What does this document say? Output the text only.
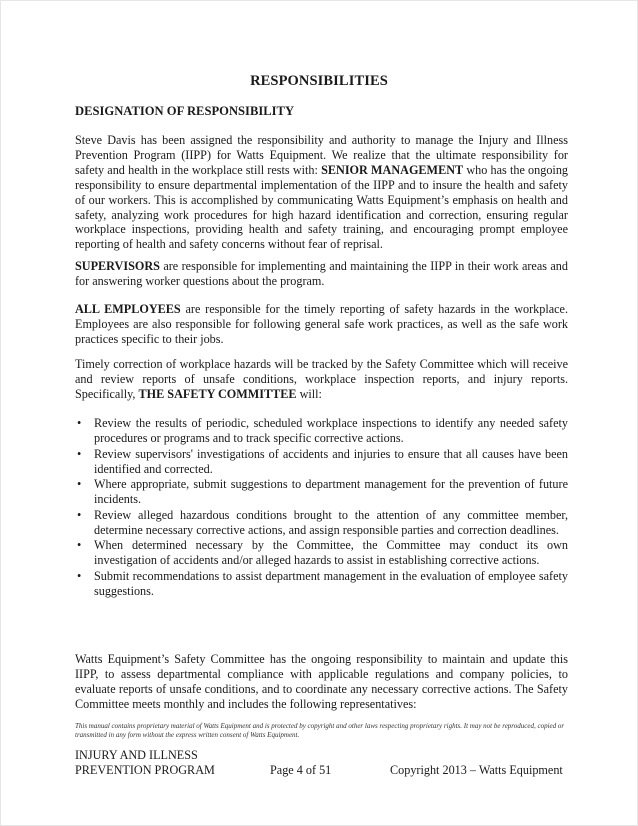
RESPONSIBILITIES
DESIGNATION OF RESPONSIBILITY

Steve Davis has been assigned the responsibility and authority to manage the Injury and Illness Prevention Program (IIPP) for Watts Equipment. We realize that the ultimate responsibility for safety and health in the workplace still rests with: SENIOR MANAGEMENT who has the ongoing responsibility to ensure departmental implementation of the IIPP and to insure the health and safety of our workers. This is accomplished by communicating Watts Equipment’s emphasis on health and safety, analyzing work procedures for high hazard identification and correction, ensuring regular workplace inspections, providing health and safety training, and encouraging prompt employee reporting of health and safety concerns without fear of reprisal.

SUPERVISORS are responsible for implementing and maintaining the IIPP in their work areas and for answering worker questions about the program.

ALL EMPLOYEES are responsible for the timely reporting of safety hazards in the workplace. Employees are also responsible for following general safe work practices, as well as the safe work practices specific to their jobs.

Timely correction of workplace hazards will be tracked by the Safety Committee which will receive and review reports of unsafe conditions, workplace inspection reports, and injury reports. Specifically, THE SAFETY COMMITTEE will:

• Review the results of periodic, scheduled workplace inspections to identify any needed safety procedures or programs and to track specific corrective actions.
• Review supervisors' investigations of accidents and injuries to ensure that all causes have been identified and corrected.
• Where appropriate, submit suggestions to department management for the prevention of future incidents.
• Review alleged hazardous conditions brought to the attention of any committee member, determine necessary corrective actions, and assign responsible parties and correction deadlines.
• When determined necessary by the Committee, the Committee may conduct its own investigation of accidents and/or alleged hazards to assist in establishing corrective actions.
• Submit recommendations to assist department management in the evaluation of employee safety suggestions.

Watts Equipment’s Safety Committee has the ongoing responsibility to maintain and update this IIPP, to assess departmental compliance with applicable regulations and company policies, to evaluate reports of unsafe conditions, and to coordinate any necessary corrective actions. The Safety Committee meets monthly and includes the following representatives:

This manual contains proprietary material of Watts Equipment and is protected by copyright and other laws respecting proprietary rights. It may not be reproduced, copied or transmitted in any form without the express written consent of Watts Equipment.
INJURY AND ILLNESS
PREVENTION PROGRAM	Page 4 of 51	Copyright 2013 – Watts Equipment
